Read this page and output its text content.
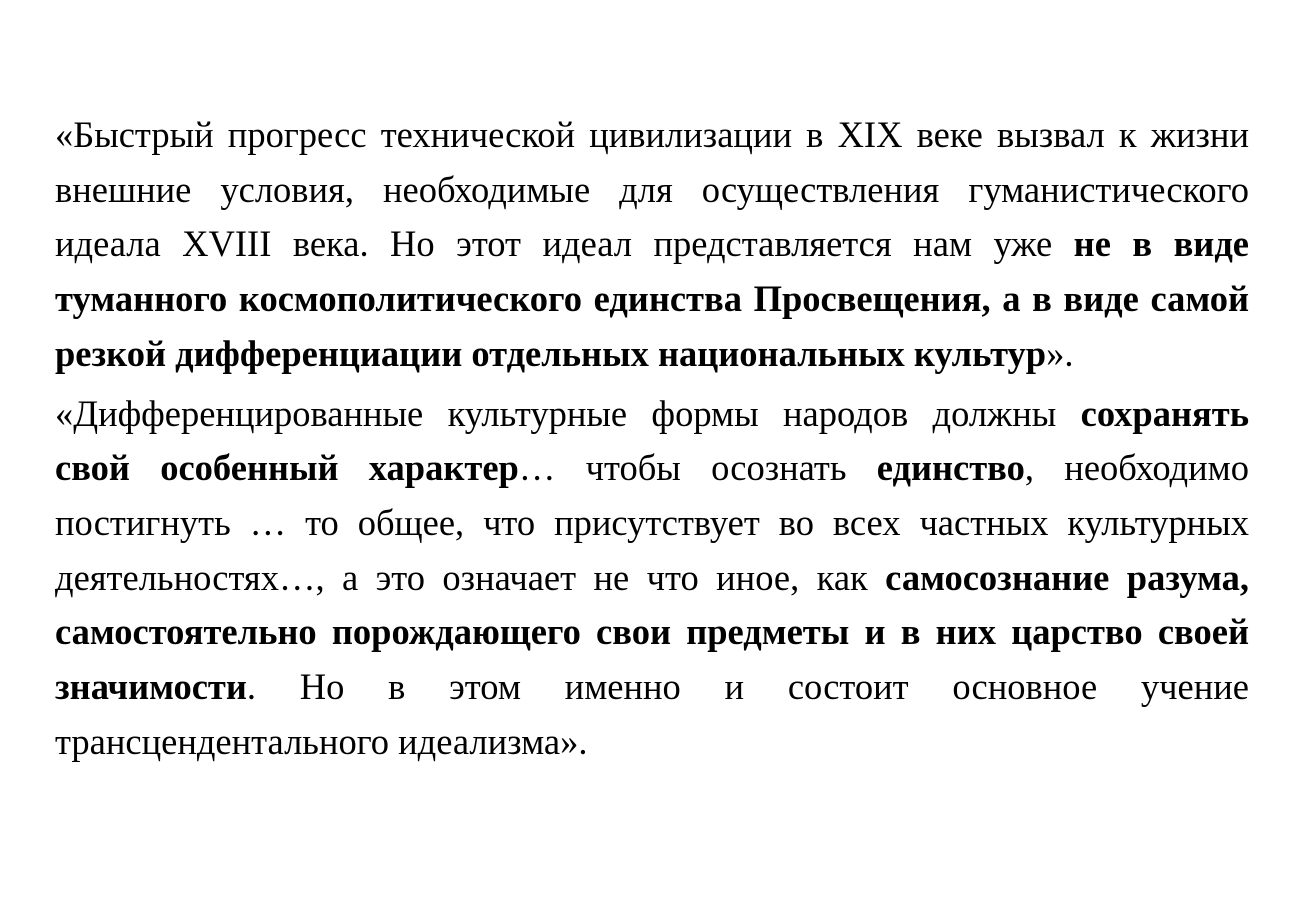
«Быстрый прогресс технической цивилизации в XIX веке вызвал к жизни внешние условия, необходимые для осуществления гуманистического идеала XVIII века. Но этот идеал представляется нам уже не в виде туманного космополитического единства Просвещения, а в виде самой резкой дифференциации отдельных национальных культур».

«Дифференцированные культурные формы народов должны сохранять свой особенный характер… чтобы осознать единство, необходимо постигнуть … то общее, что присутствует во всех частных культурных деятельностях…, а это означает не что иное, как самосознание разума, самостоятельно порождающего свои предметы и в них царство своей значимости. Но в этом именно и состоит основное учение трансцендентального идеализма».
